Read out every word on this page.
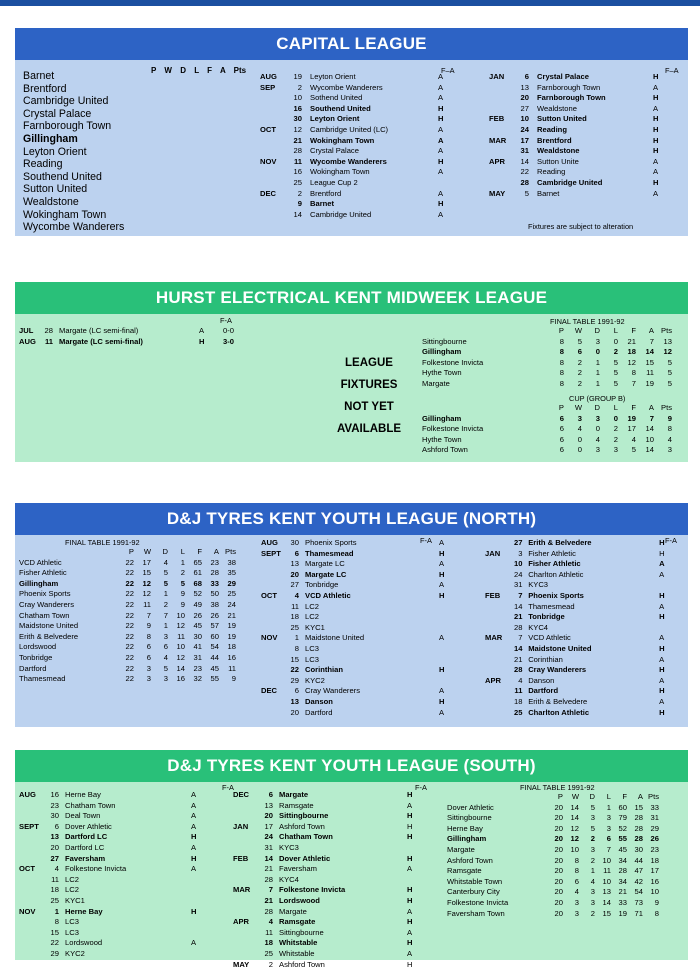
CAPITAL LEAGUE
P W D L F A Pts
Barnet
Brentford
Cambridge United
Crystal Palace
Farnborough Town
Gillingham
Leyton Orient
Reading
Southend United
Sutton United
Wealdstone
Wokingham Town
Wycombe Wanderers
F–A	F–A
AUG	19		Leyton Orient	A
SEP	2		Wycombe Wanderers	A
	10		Sothend United	A
	16		Southend United	H
	30		Leyton Orient	H
OCT	12		Cambridge United (LC)	A
	21		Wokingham Town	A
	28		Crystal Palace	A
NOV	11		Wycombe Wanderers	H
	16		Wokingham Town	A
	25		League Cup 2	
DEC	2		Brentford	A
	9		Barnet	H
	14		Cambridge United	A
JAN	6		Crystal Palace	H
	13		Farnborough Town	A
	20		Farnborough Town	H
	27		Wealdstone	A
FEB	10		Sutton United	H
	24		Reading	H
MAR	17		Brentford	H
	31		Wealdstone	H
APR	14		Sutton Unite	A
	22		Reading	A
	28		Cambridge United	H
MAY	5		Barnet	A
Fixtures are subject to alteration
HURST ELECTRICAL KENT MIDWEEK LEAGUE
F-A
JUL	28		Margate (LC semi-final)	A	0-0
AUG	11		Margate (LC semi-final)	H	3-0
LEAGUE
FIXTURES
NOT YET
AVAILABLE
FINAL TABLE 1991-92
	P	W	D	L	F	A	Pts
Sittingbourne	8	5	3	0	21	7	13
Gillingham	8	6	0	2	18	14	12
Folkestone Invicta	8	2	1	5	12	15	5
Hythe Town	8	2	1	5	8	11	5
Margate	8	2	1	5	7	19	5
CUP (GROUP B)
	P	W	D	L	F	A	Pts
Gillingham	6	3	3	0	19	7	9
Folkestone Invicta	6	4	0	2	17	14	8
Hythe Town	6	0	4	2	4	10	4
Ashford Town	6	0	3	3	5	14	3
D&J TYRES KENT YOUTH LEAGUE (NORTH)
FINAL TABLE 1991-92
	P	W	D	L	F	A	Pts
VCD Athletic	22	17	4	1	65	23	38
Fisher Athletic	22	15	5	2	61	28	35
Gillingham	22	12	5	5	68	33	29
Phoenix Sports	22	12	1	9	52	50	25
Cray Wanderers	22	11	2	9	49	38	24
Chatham Town	22	7	7	10	26	26	21
Maidstone United	22	9	1	12	45	57	19
Erith & Belvedere	22	8	3	11	30	60	19
Lordswood	22	6	6	10	41	54	18
Tonbridge	22	6	4	12	31	44	16
Dartford	22	3	5	14	23	45	11
Thamesmead	22	3	3	16	32	55	9
F-A	F-A
AUG	30		Phoenix Sports	A
SEPT	6		Thamesmead	H
	13		Margate LC	A
	20		Margate LC	H
	27		Tonbridge	A
OCT	4		VCD Athletic	H
	11		LC2	
	18		LC2	
	25		KYC1	
NOV	1		Maidstone United	A
	8		LC3	
	15		LC3	
	22		Corinthian	H
	29		KYC2	
DEC	6		Cray Wanderers	A
	13		Danson	H
	20		Dartford	A
	27		Erith & Belvedere	H
JAN	3		Fisher Athletic	H
	10		Fisher Athletic	A
	24		Charlton Athletic	A
	31		KYC3	
FEB	7		Phoenix Sports	H
	14		Thamesmead	A
	21		Tonbridge	H
	28		KYC4	
MAR	7		VCD Athletic	A
	14		Maidstone United	H
	21		Corinthian	A
	28		Cray Wanderers	H
APR	4		Danson	A
	11		Dartford	H
	18		Erith & Belvedere	A
	25		Charlton Athletic	H
D&J TYRES KENT YOUTH LEAGUE (SOUTH)
F-A	F-A
AUG	16		Herne Bay	A
	23		Chatham Town	A
	30		Deal Town	A
SEPT	6		Dover Athletic	A
	13		Dartford LC	H
	20		Dartford LC	A
	27		Faversham	H
OCT	4		Folkestone Invicta	A
	11		LC2	
	18		LC2	
	25		KYC1	
NOV	1		Herne Bay	H
	8		LC3	
	15		LC3	
	22		Lordswood	A
	29		KYC2	
DEC	6		Margate	H
	13		Ramsgate	A
	20		Sittingbourne	H
JAN	17		Ashford Town	H
	24		Chatham Town	H
	31		KYC3	
FEB	14		Dover Athletic	H
	21		Faversham	A
	28		KYC4	
MAR	7		Folkestone Invicta	H
	21		Lordswood	H
	28		Margate	A
APR	4		Ramsgate	H
	11		Sittingbourne	A
	18		Whitstable	H
	25		Whitstable	A
MAY	2		Ashford Town	H
FINAL TABLE 1991-92
	P	W	D	L	F	A	Pts
Dover Athletic	20	14	5	1	60	15	33
Sittingbourne	20	14	3	3	79	28	31
Herne Bay	20	12	5	3	52	28	29
Gillingham	20	12	2	6	55	28	26
Margate	20	10	3	7	45	30	23
Ashford Town	20	8	2	10	34	44	18
Ramsgate	20	8	1	11	28	47	17
Whitstable Town	20	6	4	10	34	42	16
Canterbury City	20	4	3	13	21	54	10
Folkestone Invicta	20	3	3	14	33	73	9
Faversham Town	20	3	2	15	19	71	8
